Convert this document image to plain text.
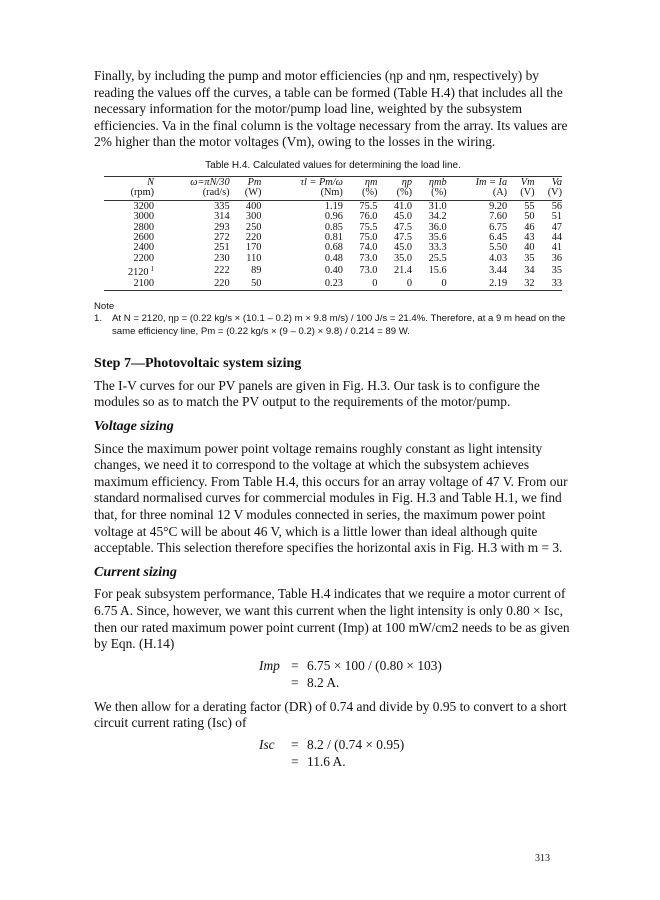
Finally, by including the pump and motor efficiencies (ηp and ηm, respectively) by reading the values off the curves, a table can be formed (Table H.4) that includes all the necessary information for the motor/pump load line, weighted by the subsystem efficiencies. Va in the final column is the voltage necessary from the array. Its values are 2% higher than the motor voltages (Vm), owing to the losses in the wiring.

Table H.4. Calculated values for determining the load line.
N	ω=πN/30	Pm	τl = Pm/ω	ηm	ηp	ηmb	Im = Ia	Vm	Va
(rpm)	(rad/s)	(W)	(Nm)	(%)	(%)	(%)	(A)	(V)	(V)
3200	335	400	1.19	75.5	41.0	31.0	9.20	55	56
3000	314	300	0.96	76.0	45.0	34.2	7.60	50	51
2800	293	250	0.85	75.5	47.5	36.0	6.75	46	47
2600	272	220	0.81	75.0	47.5	35.6	6.45	43	44
2400	251	170	0.68	74.0	45.0	33.3	5.50	40	41
2200	230	110	0.48	73.0	35.0	25.5	4.03	35	36
2120 $^1$	222	89	0.40	73.0	21.4	15.6	3.44	34	35
2100	220	50	0.23	0	0	0	2.19	32	33
Note
1.	At N = 2120, ηp = (0.22 kg/s × (10.1 – 0.2) m × 9.8 m/s) / 100 J/s = 21.4%. Therefore, at a 9 m head on the same efficiency line, Pm = (0.22 kg/s × (9 – 0.2) × 9.8) / 0.214 = 89 W.
Step 7—Photovoltaic system sizing

The I-V curves for our PV panels are given in Fig. H.3. Our task is to configure the modules so as to match the PV output to the requirements of the motor/pump.

Voltage sizing

Since the maximum power point voltage remains roughly constant as light intensity changes, we need it to correspond to the voltage at which the subsystem achieves maximum efficiency. From Table H.4, this occurs for an array voltage of 47 V. From our standard normalised curves for commercial modules in Fig. H.3 and Table H.1, we find that, for three nominal 12 V modules connected in series, the maximum power point voltage at 45°C will be about 46 V, which is a little lower than ideal although quite acceptable. This selection therefore specifies the horizontal axis in Fig. H.3 with m = 3.

Current sizing

For peak subsystem performance, Table H.4 indicates that we require a motor current of 6.75 A. Since, however, we want this current when the light intensity is only 0.80 × Isc, then our rated maximum power point current (Imp) at 100 mW/cm2 needs to be as given by Eqn. (H.14)

Imp = 6.75 × 100 / (0.80 × 103)
= 8.2 A.

We then allow for a derating factor (DR) of 0.74 and divide by 0.95 to convert to a short circuit current rating (Isc) of

Isc	= 8.2 / (0.74 × 0.95)
= 11.6 A.
313
